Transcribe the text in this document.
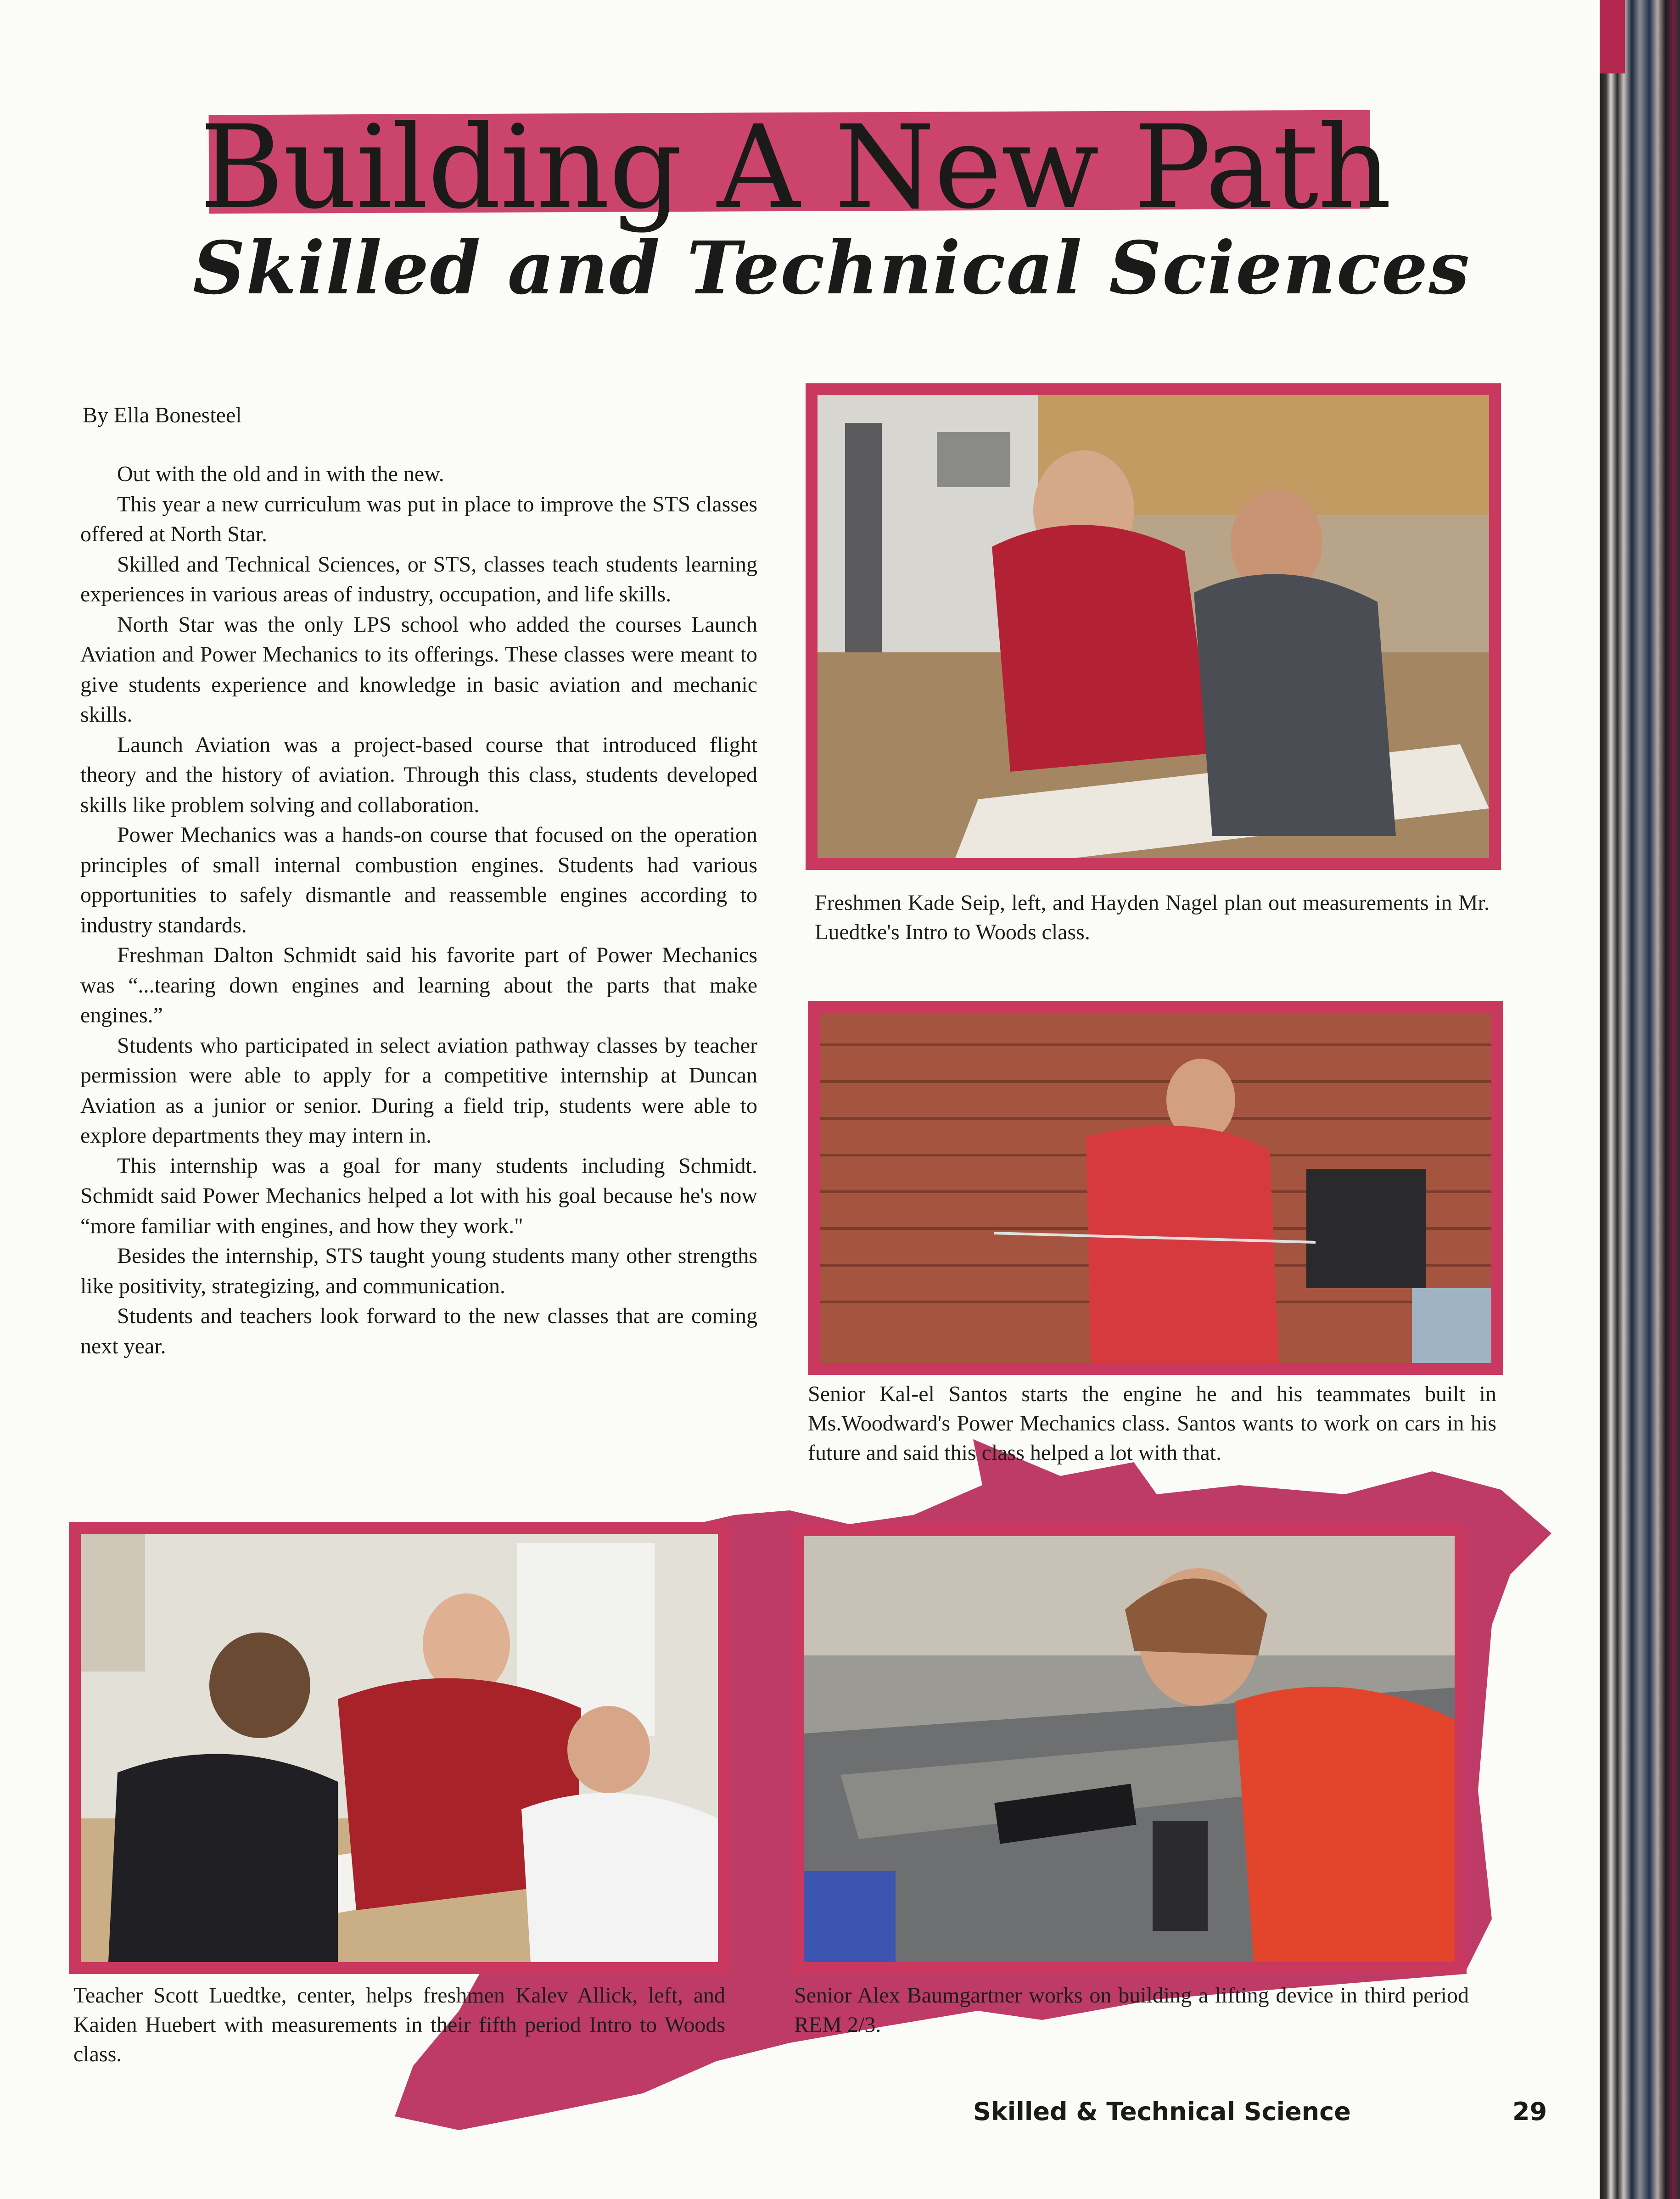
Building A New Path
Skilled and Technical Sciences
By Ella Bonesteel

Out with the old and in with the new.

This year a new curriculum was put in place to improve the STS classes offered at North Star.

Skilled and Technical Sciences, or STS, classes teach students learning experiences in various areas of industry, occupation, and life skills.

North Star was the only LPS school who added the courses Launch Aviation and Power Mechanics to its offerings. These classes were meant to give students experience and knowledge in basic aviation and mechanic skills.

Launch Aviation was a project-based course that introduced flight theory and the history of aviation. Through this class, students developed skills like problem solving and collaboration.

Power Mechanics was a hands-on course that focused on the operation principles of small internal combustion engines. Students had various opportunities to safely dismantle and reassemble engines according to industry standards.

Freshman Dalton Schmidt said his favorite part of Power Mechanics was “...tearing down engines and learning about the parts that make engines.”

Students who participated in select aviation pathway classes by teacher permission were able to apply for a competitive internship at Duncan Aviation as a junior or senior. During a field trip, students were able to explore departments they may intern in.

This internship was a goal for many students including Schmidt. Schmidt said Power Mechanics helped a lot with his goal because he's now “more familiar with engines, and how they work."

Besides the internship, STS taught young students many other strengths like positivity, strategizing, and communication.

Students and teachers look forward to the new classes that are coming next year.

Freshmen Kade Seip, left, and Hayden Nagel plan out measurements in Mr. Luedtke's Intro to Woods class.
Senior Kal-el Santos starts the engine he and his teammates built in Ms.Woodward's Power Mechanics class. Santos wants to work on cars in his future and said this class helped a lot with that.
Teacher Scott Luedtke, center, helps freshmen Kalev Allick, left, and Kaiden Huebert with measurements in their fifth period Intro to Woods class.
Senior Alex Baumgartner works on building a lifting device in third period REM 2/3.
Skilled & Technical Science	29
